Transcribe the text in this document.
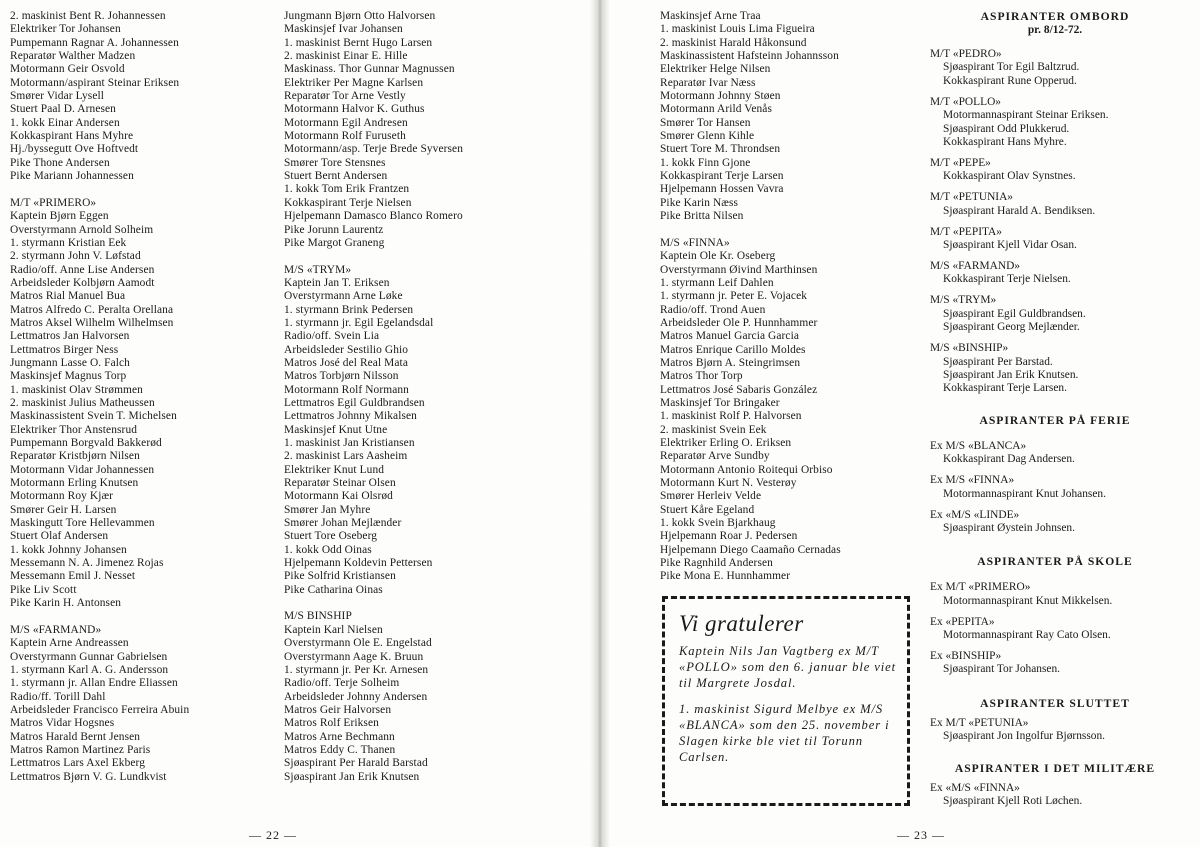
2. maskinist Bent R. Johannessen
Elektriker Tor Johansen
Pumpemann Ragnar A. Johannessen
Reparatør Walther Madzen
Motormann Geir Osvold
Motormann/aspirant Steinar Eriksen
Smører Vidar Lysell
Stuert Paal D. Arnesen
1. kokk Einar Andersen
Kokkaspirant Hans Myhre
Hj./byssegutt Ove Hoftvedt
Pike Thone Andersen
Pike Mariann Johannessen
M/T «PRIMERO»
Kaptein Bjørn Eggen
Overstyrmann Arnold Solheim
1. styrmann Kristian Eek
2. styrmann John V. Løfstad
Radio/off. Anne Lise Andersen
Arbeidsleder Kolbjørn Aamodt
Matros Rial Manuel Bua
Matros Alfredo C. Peralta Orellana
Matros Aksel Wilhelm Wilhelmsen
Lettmatros Jan Halvorsen
Lettmatros Birger Ness
Jungmann Lasse O. Falch
Maskinsjef Magnus Torp
1. maskinist Olav Strømmen
2. maskinist Julius Matheussen
Maskinassistent Svein T. Michelsen
Elektriker Thor Anstensrud
Pumpemann Borgvald Bakkerød
Reparatør Kristbjørn Nilsen
Motormann Vidar Johannessen
Motormann Erling Knutsen
Motormann Roy Kjær
Smører Geir H. Larsen
Maskingutt Tore Hellevammen
Stuert Olaf Andersen
1. kokk Johnny Johansen
Messemann N. A. Jimenez Rojas
Messemann Emil J. Nesset
Pike Liv Scott
Pike Karin H. Antonsen
M/S «FARMAND»
Kaptein Arne Andreassen
Overstyrmann Gunnar Gabrielsen
1. styrmann Karl A. G. Andersson
1. styrmann jr. Allan Endre Eliassen
Radio/ff. Torill Dahl
Arbeidsleder Francisco Ferreira Abuin
Matros Vidar Hogsnes
Matros Harald Bernt Jensen
Matros Ramon Martinez Paris
Lettmatros Lars Axel Ekberg
Lettmatros Bjørn V. G. Lundkvist
Jungmann Bjørn Otto Halvorsen
Maskinsjef Ivar Johansen
1. maskinist Bernt Hugo Larsen
2. maskinist Einar E. Hille
Maskinass. Thor Gunnar Magnussen
Elektriker Per Magne Karlsen
Reparatør Tor Arne Vestly
Motormann Halvor K. Guthus
Motormann Egil Andresen
Motormann Rolf Furuseth
Motormann/asp. Terje Brede Syversen
Smører Tore Stensnes
Stuert Bernt Andersen
1. kokk Tom Erik Frantzen
Kokkaspirant Terje Nielsen
Hjelpemann Damasco Blanco Romero
Pike Jorunn Laurentz
Pike Margot Graneng
M/S «TRYM»
Kaptein Jan T. Eriksen
Overstyrmann Arne Løke
1. styrmann Brink Pedersen
1. styrmann jr. Egil Egelandsdal
Radio/off. Svein Lia
Arbeidsleder Sestilio Ghio
Matros José del Real Mata
Matros Torbjørn Nilsson
Motormann Rolf Normann
Lettmatros Egil Guldbrandsen
Lettmatros Johnny Mikalsen
Maskinsjef Knut Utne
1. maskinist Jan Kristiansen
2. maskinist Lars Aasheim
Elektriker Knut Lund
Reparatør Steinar Olsen
Motormann Kai Olsrød
Smører Jan Myhre
Smører Johan Mejlænder
Stuert Tore Oseberg
1. kokk Odd Oinas
Hjelpemann Koldevin Pettersen
Pike Solfrid Kristiansen
Pike Catharina Oinas
M/S BINSHIP
Kaptein Karl Nielsen
Overstyrmann Ole E. Engelstad
Overstyrmann Aage K. Bruun
1. styrmann jr. Per Kr. Arnesen
Radio/off. Terje Solheim
Arbeidsleder Johnny Andersen
Matros Geir Halvorsen
Matros Rolf Eriksen
Matros Arne Bechmann
Matros Eddy C. Thanen
Sjøaspirant Per Harald Barstad
Sjøaspirant Jan Erik Knutsen
Maskinsjef Arne Traa
1. maskinist Louis Lima Figueira
2. maskinist Harald Håkonsund
Maskinassistent Hafsteinn Johannsson
Elektriker Helge Nilsen
Reparatør Ivar Næss
Motormann Johnny Støen
Motormann Arild Venås
Smører Tor Hansen
Smører Glenn Kihle
Stuert Tore M. Throndsen
1. kokk Finn Gjone
Kokkaspirant Terje Larsen
Hjelpemann Hossen Vavra
Pike Karin Næss
Pike Britta Nilsen
M/S «FINNA»
Kaptein Ole Kr. Oseberg
Overstyrmann Øivind Marthinsen
1. styrmann Leif Dahlen
1. styrmann jr. Peter E. Vojacek
Radio/off. Trond Auen
Arbeidsleder Ole P. Hunnhammer
Matros Manuel Garcia Garcia
Matros Enrique Carillo Moldes
Matros Bjørn A. Steingrimsen
Matros Thor Torp
Lettmatros José Sabaris González
Maskinsjef Tor Bringaker
1. maskinist Rolf P. Halvorsen
2. maskinist Svein Eek
Elektriker Erling O. Eriksen
Reparatør Arve Sundby
Motormann Antonio Roitequi Orbiso
Motormann Kurt N. Vesterøy
Smører Herleiv Velde
Stuert Kåre Egeland
1. kokk Svein Bjarkhaug
Hjelpemann Roar J. Pedersen
Hjelpemann Diego Caamaño Cernadas
Pike Ragnhild Andersen
Pike Mona E. Hunnhammer
Vi gratulerer

Kaptein Nils Jan Vagtberg ex M/T «POLLO» som den 6. januar ble viet til Margrete Josdal.

1. maskinist Sigurd Melbye ex M/S «BLANCA» som den 25. november i Slagen kirke ble viet til Torunn Carlsen.

ASPIRANTER OMBORD
pr. 8/12-72.
M/T «PEDRO»
Sjøaspirant Tor Egil Baltzrud.
Kokkaspirant Rune Opperud.
M/T «POLLO»
Motormannaspirant Steinar Eriksen.
Sjøaspirant Odd Plukkerud.
Kokkaspirant Hans Myhre.
M/T «PEPE»
Kokkaspirant Olav Synstnes.
M/T «PETUNIA»
Sjøaspirant Harald A. Bendiksen.
M/T «PEPITA»
Sjøaspirant Kjell Vidar Osan.
M/S «FARMAND»
Kokkaspirant Terje Nielsen.
M/S «TRYM»
Sjøaspirant Egil Guldbrandsen.
Sjøaspirant Georg Mejlænder.
M/S «BINSHIP»
Sjøaspirant Per Barstad.
Sjøaspirant Jan Erik Knutsen.
Kokkaspirant Terje Larsen.
ASPIRANTER PÅ FERIE
Ex M/S «BLANCA»
Kokkaspirant Dag Andersen.
Ex M/S «FINNA»
Motormannaspirant Knut Johansen.
Ex «M/S «LINDE»
Sjøaspirant Øystein Johnsen.
ASPIRANTER PÅ SKOLE
Ex M/T «PRIMERO»
Motormannaspirant Knut Mikkelsen.
Ex «PEPITA»
Motormannaspirant Ray Cato Olsen.
Ex «BINSHIP»
Sjøaspirant Tor Johansen.
ASPIRANTER SLUTTET
Ex M/T «PETUNIA»
Sjøaspirant Jon Ingolfur Bjørnsson.
ASPIRANTER I DET MILITÆRE
Ex «M/S «FINNA»
Sjøaspirant Kjell Roti Løchen.
— 22 —	— 23 —
